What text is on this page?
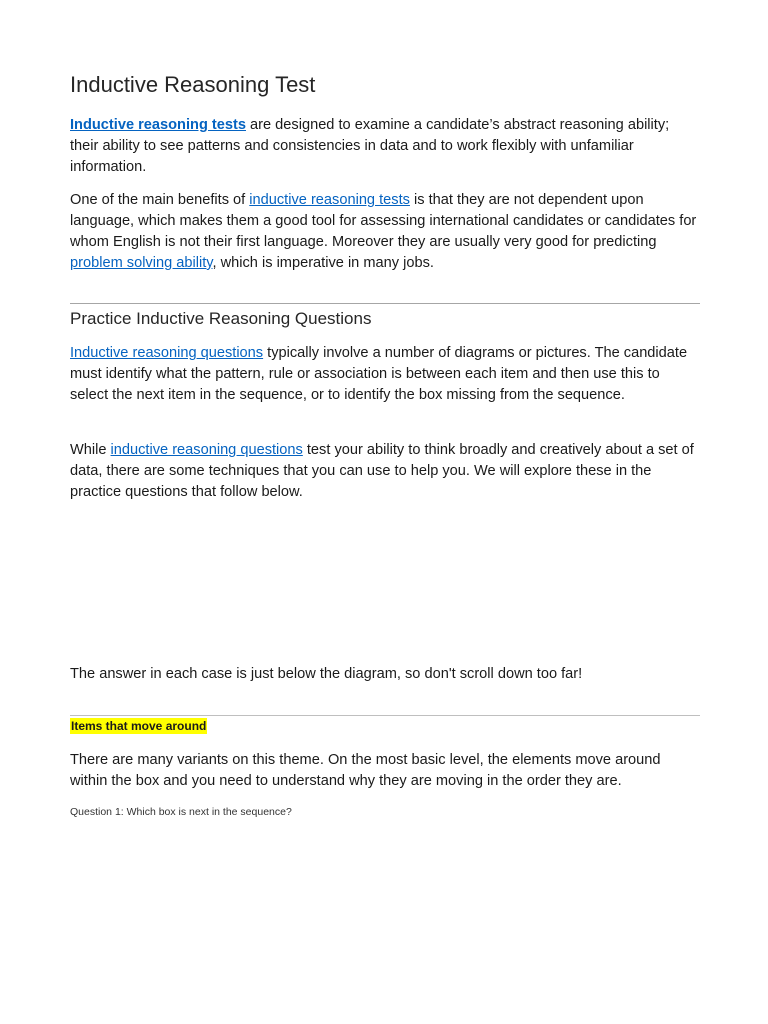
Inductive Reasoning Test

Inductive reasoning tests are designed to examine a candidate’s abstract reasoning ability; their ability to see patterns and consistencies in data and to work flexibly with unfamiliar information.

One of the main benefits of inductive reasoning tests is that they are not dependent upon language, which makes them a good tool for assessing international candidates or candidates for whom English is not their first language. Moreover they are usually very good for predicting problem solving ability, which is imperative in many jobs.

Practice Inductive Reasoning Questions

Inductive reasoning questions typically involve a number of diagrams or pictures. The candidate must identify what the pattern, rule or association is between each item and then use this to select the next item in the sequence, or to identify the box missing from the sequence.

While inductive reasoning questions test your ability to think broadly and creatively about a set of data, there are some techniques that you can use to help you. We will explore these in the practice questions that follow below.

The answer in each case is just below the diagram, so don't scroll down too far!

Items that move around

There are many variants on this theme. On the most basic level, the elements move around within the box and you need to understand why they are moving in the order they are.

Question 1: Which box is next in the sequence?
